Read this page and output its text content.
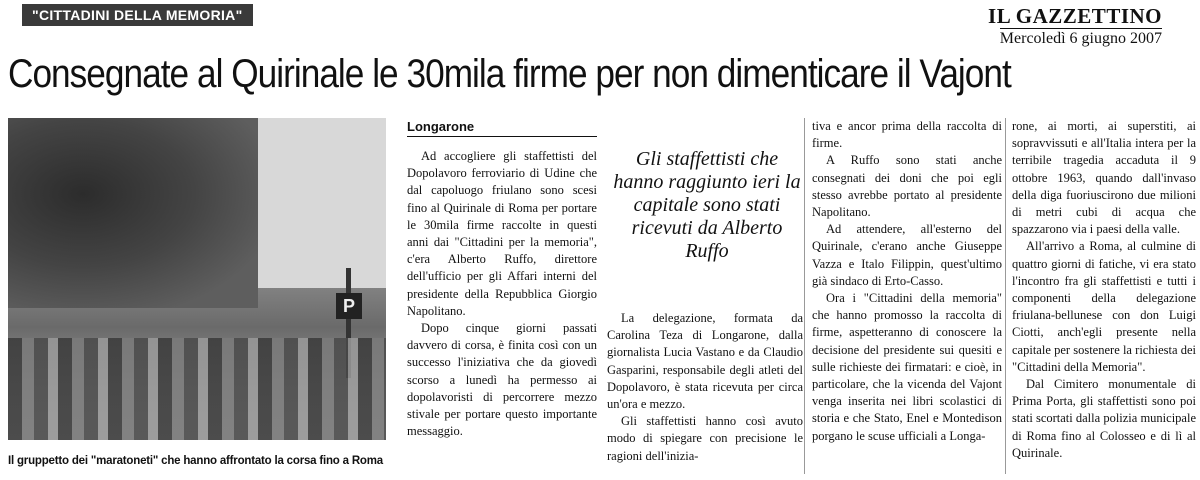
"CITTADINI DELLA MEMORIA"	IL GAZZETTINO
Mercoledì 6 giugno 2007
Consegnate al Quirinale le 30mila firme per non dimenticare il Vajont
P
Il gruppetto dei "maratoneti" che hanno affrontato la corsa fino a Roma
Longarone

Ad accogliere gli staffettisti del Dopolavoro ferroviario di Udine che dal capoluogo friulano sono scesi fino al Quirinale di Roma per portare le 30mila firme raccolte in questi anni dai "Cittadini per la memoria", c'era Alberto Ruffo, direttore dell'ufficio per gli Affari interni del presidente della Repubblica Giorgio Napolitano.

Dopo cinque giorni passati davvero di corsa, è finita così con un successo l'iniziativa che da giovedì scorso a lunedì ha permesso ai dopolavoristi di percorrere mezzo stivale per portare questo importante messaggio.

Gli staffettisti che hanno raggiunto ieri la capitale sono stati ricevuti da Alberto Ruffo

La delegazione, formata da Carolina Teza di Longarone, dalla giornalista Lucia Vastano e da Claudio Gasparini, responsabile degli atleti del Dopolavoro, è stata ricevuta per circa un'ora e mezzo.

Gli staffettisti hanno così avuto modo di spiegare con precisione le ragioni dell'inizia-

tiva e ancor prima della raccolta di firme.

A Ruffo sono stati anche consegnati dei doni che poi egli stesso avrebbe portato al presidente Napolitano.

Ad attendere, all'esterno del Quirinale, c'erano anche Giuseppe Vazza e Italo Filippin, quest'ultimo già sindaco di Erto-Casso.

Ora i "Cittadini della memoria" che hanno promosso la raccolta di firme, aspetteranno di conoscere la decisione del presidente sui quesiti e sulle richieste dei firmatari: e cioè, in particolare, che la vicenda del Vajont venga inserita nei libri scolastici di storia e che Stato, Enel e Montedison porgano le scuse ufficiali a Longa-

rone, ai morti, ai superstiti, ai sopravvissuti e all'Italia intera per la terribile tragedia accaduta il 9 ottobre 1963, quando dall'invaso della diga fuoriuscirono due milioni di metri cubi di acqua che spazzarono via i paesi della valle.

All'arrivo a Roma, al culmine di quattro giorni di fatiche, vi era stato l'incontro fra gli staffettisti e tutti i componenti della delegazione friulana-bellunese con don Luigi Ciotti, anch'egli presente nella capitale per sostenere la richiesta dei "Cittadini della Memoria".

Dal Cimitero monumentale di Prima Porta, gli staffettisti sono poi stati scortati dalla polizia municipale di Roma fino al Colosseo e di lì al Quirinale.
